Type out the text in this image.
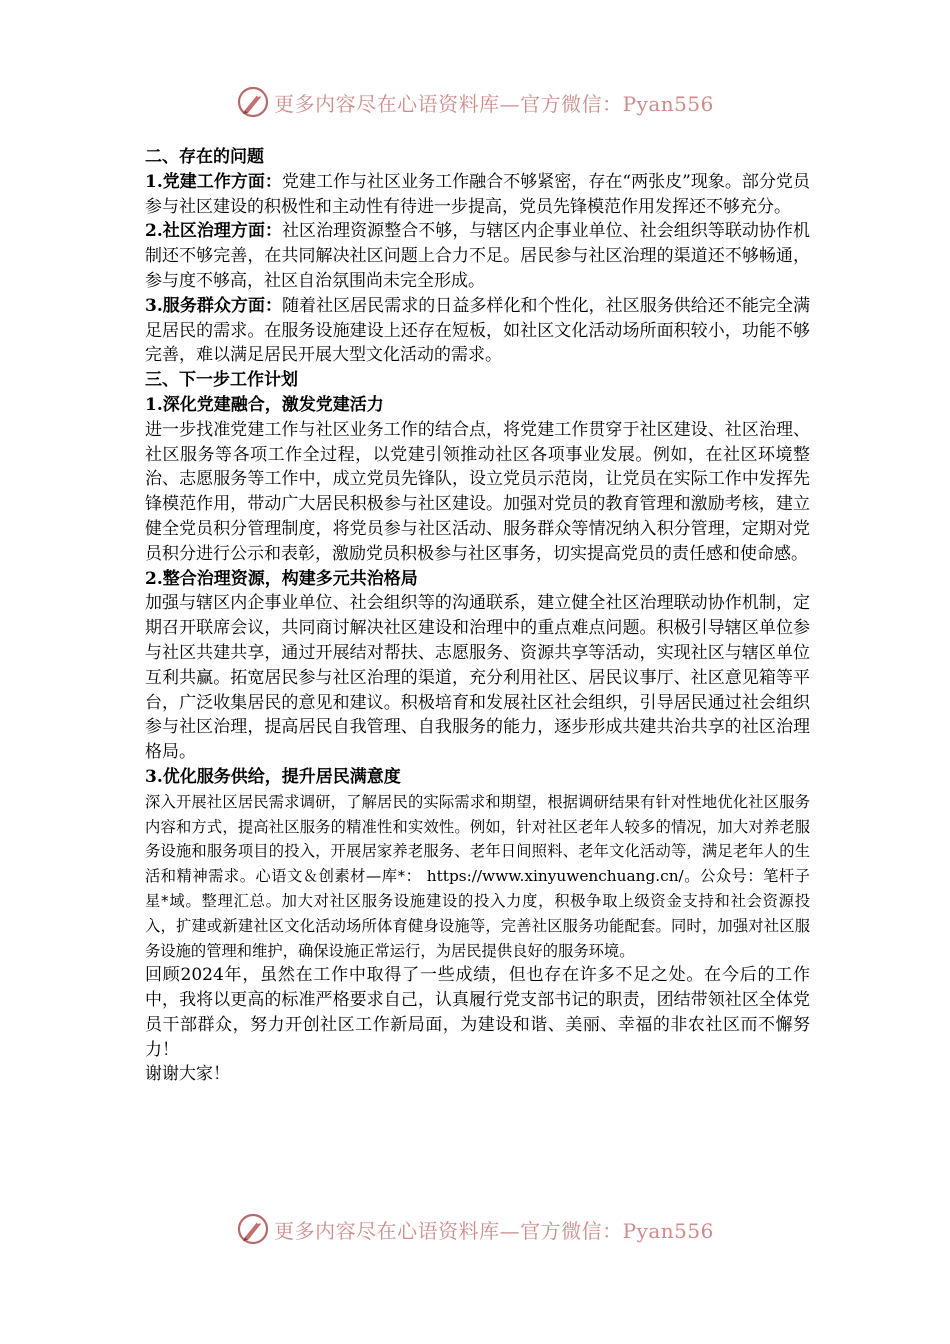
更多内容尽在心语资料库—官方微信：Pyan556

二、存在的问题

1.党建工作方面：党建工作与社区业务工作融合不够紧密，存在“两张皮”现象。部分党员参与社区建设的积极性和主动性有待进一步提高，党员先锋模范作用发挥还不够充分。

2.社区治理方面：社区治理资源整合不够，与辖区内企事业单位、社会组织等联动协作机制还不够完善，在共同解决社区问题上合力不足。居民参与社区治理的渠道还不够畅通，参与度不够高，社区自治氛围尚未完全形成。

3.服务群众方面：随着社区居民需求的日益多样化和个性化，社区服务供给还不能完全满足居民的需求。在服务设施建设上还存在短板，如社区文化活动场所面积较小，功能不够完善，难以满足居民开展大型文化活动的需求。

三、下一步工作计划

1.深化党建融合，激发党建活力

进一步找准党建工作与社区业务工作的结合点，将党建工作贯穿于社区建设、社区治理、社区服务等各项工作全过程，以党建引领推动社区各项事业发展。例如，在社区环境整治、志愿服务等工作中，成立党员先锋队，设立党员示范岗，让党员在实际工作中发挥先锋模范作用，带动广大居民积极参与社区建设。加强对党员的教育管理和激励考核，建立健全党员积分管理制度，将党员参与社区活动、服务群众等情况纳入积分管理，定期对党员积分进行公示和表彰，激励党员积极参与社区事务，切实提高党员的责任感和使命感。

2.整合治理资源，构建多元共治格局

加强与辖区内企事业单位、社会组织等的沟通联系，建立健全社区治理联动协作机制，定期召开联席会议，共同商讨解决社区建设和治理中的重点难点问题。积极引导辖区单位参与社区共建共享，通过开展结对帮扶、志愿服务、资源共享等活动，实现社区与辖区单位互利共赢。拓宽居民参与社区治理的渠道，充分利用社区、居民议事厅、社区意见箱等平台，广泛收集居民的意见和建议。积极培育和发展社区社会组织，引导居民通过社会组织参与社区治理，提高居民自我管理、自我服务的能力，逐步形成共建共治共享的社区治理格局。

3.优化服务供给，提升居民满意度

深入开展社区居民需求调研，了解居民的实际需求和期望，根据调研结果有针对性地优化社区服务内容和方式，提高社区服务的精准性和实效性。例如，针对社区老年人较多的情况，加大对养老服务设施和服务项目的投入，开展居家养老服务、老年日间照料、老年文化活动等，满足老年人的生活和精神需求。心语文＆创素材—库*： https://www.xinyuwenchuang.cn/。公众号：笔杆子星*域。整理汇总。加大对社区服务设施建设的投入力度，积极争取上级资金支持和社会资源投入，扩建或新建社区文化活动场所体育健身设施等，完善社区服务功能配套。同时，加强对社区服务设施的管理和维护，确保设施正常运行，为居民提供良好的服务环境。

回顾2024年，虽然在工作中取得了一些成绩，但也存在许多不足之处。在今后的工作中，我将以更高的标准严格要求自己，认真履行党支部书记的职责，团结带领社区全体党员干部群众，努力开创社区工作新局面，为建设和谐、美丽、幸福的非农社区而不懈努力！

谢谢大家！

更多内容尽在心语资料库—官方微信：Pyan556
